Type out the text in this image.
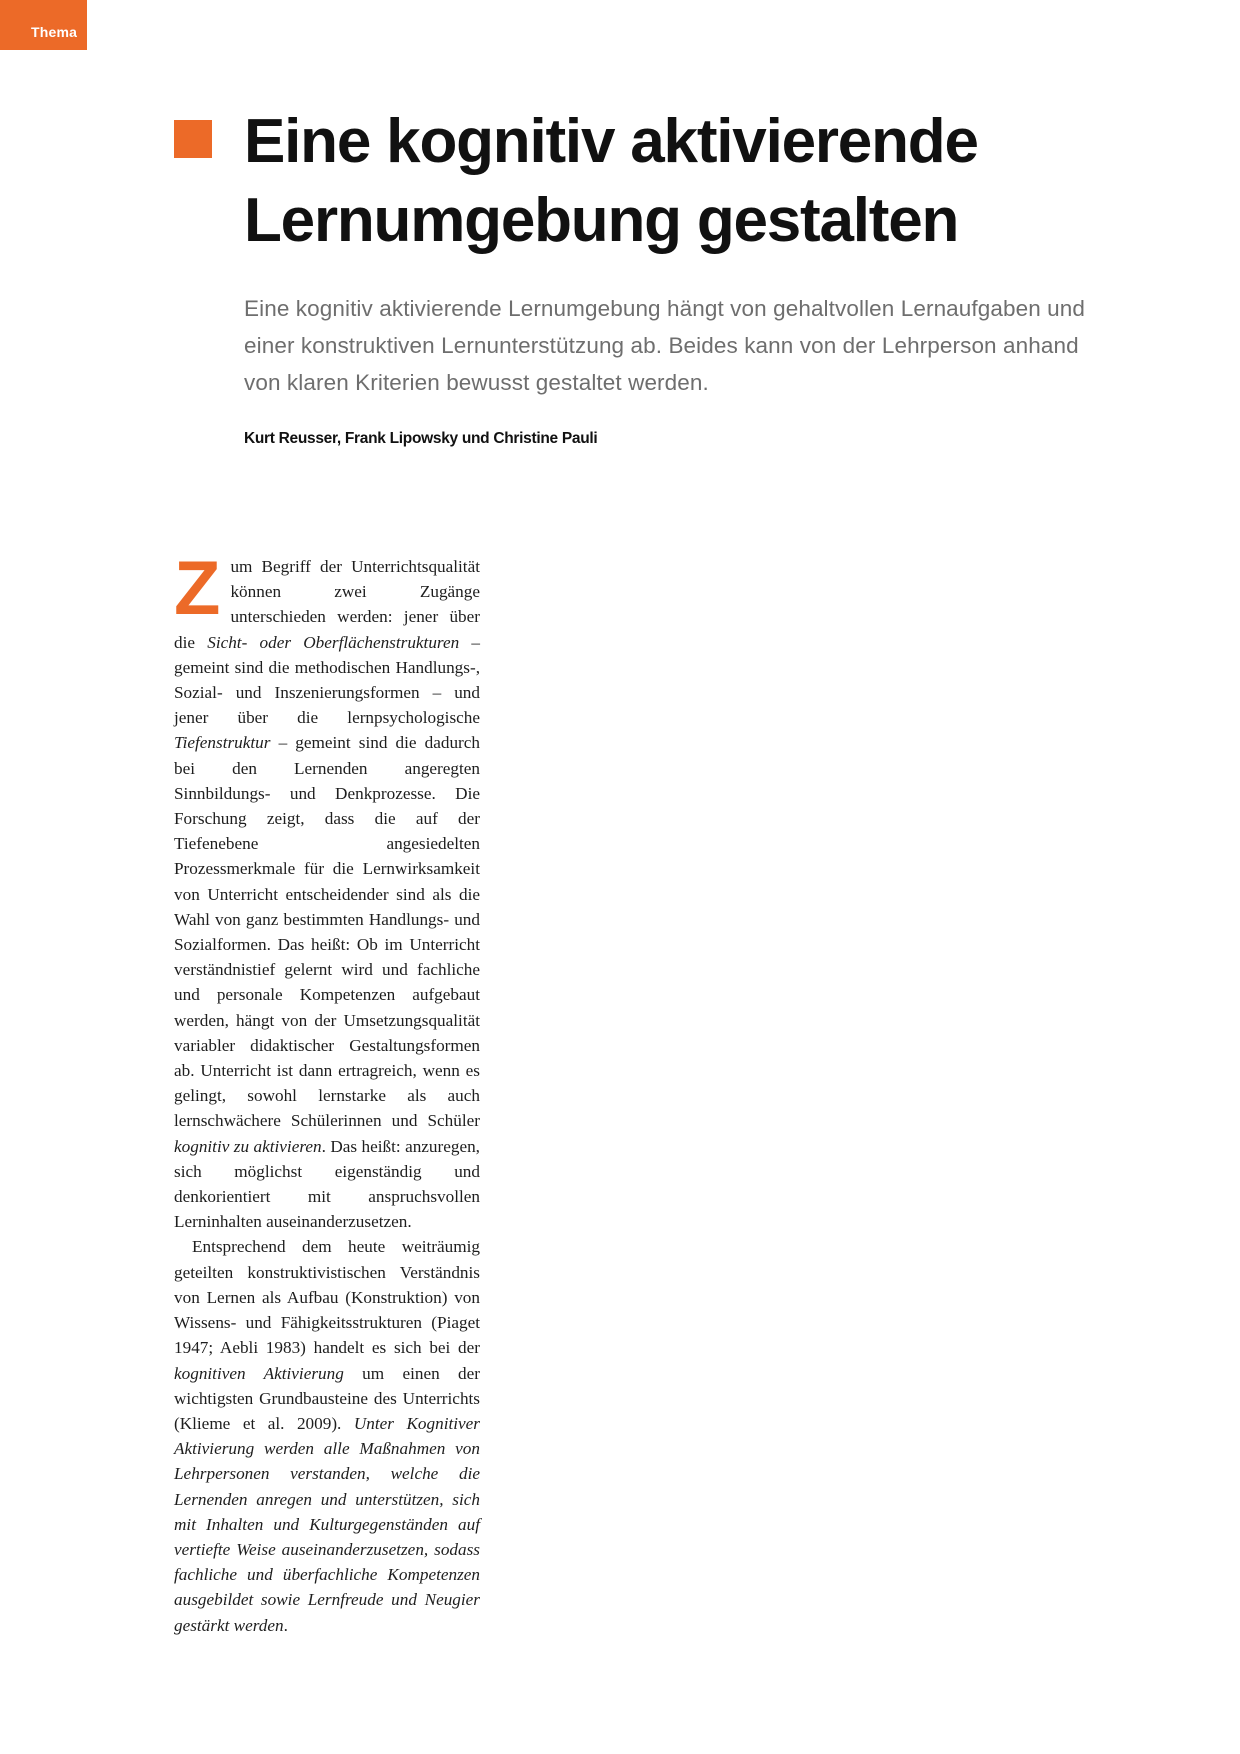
Thema
Eine kognitiv aktivierende
Lernumgebung gestalten

Eine kognitiv aktivierende Lernumgebung hängt von gehaltvollen Lernaufgaben und einer konstruktiven Lernunterstützung ab. Beides kann von der Lehrperson anhand von klaren Kriterien bewusst gestaltet werden.

Kurt Reusser, Frank Lipowsky und Christine Pauli

Zum Begriff der Unterrichtsqualität können zwei Zugänge unterschieden werden: jener über die Sicht- oder Oberflächenstrukturen – gemeint sind die methodischen Handlungs-, Sozial- und Inszenierungsformen – und jener über die lernpsychologische Tiefenstruktur – gemeint sind die dadurch bei den Lernenden angeregten Sinnbildungs- und Denkprozesse. Die Forschung zeigt, dass die auf der Tiefenebene angesiedelten Prozessmerkmale für die Lernwirksamkeit von Unterricht entscheidender sind als die Wahl von ganz bestimmten Handlungs- und Sozialformen. Das heißt: Ob im Unterricht verständnistief gelernt wird und fachliche und personale Kompetenzen aufgebaut werden, hängt von der Umsetzungsqualität variabler didaktischer Gestaltungsformen ab. Unterricht ist dann ertragreich, wenn es gelingt, sowohl lernstarke als auch lernschwächere Schülerinnen und Schüler kognitiv zu aktivieren. Das heißt: anzuregen, sich möglichst eigenständig und denkorientiert mit anspruchsvollen Lerninhalten auseinanderzusetzen.

Entsprechend dem heute weiträumig geteilten konstruktivistischen Verständnis von Lernen als Aufbau (Konstruktion) von Wissens- und Fähigkeitsstrukturen (Piaget 1947; Aebli 1983) handelt es sich bei der kognitiven Aktivierung um einen der wichtigsten Grundbausteine des Unterrichts (Klieme et al. 2009). Unter Kognitiver Aktivierung werden alle Maßnahmen von Lehrpersonen verstanden, welche die Lernenden anregen und unterstützen, sich mit Inhalten und Kulturgegenständen auf vertiefte Weise auseinanderzusetzen, sodass fachliche und überfachliche Kompetenzen ausgebildet sowie Lernfreude und Neugier gestärkt werden.
